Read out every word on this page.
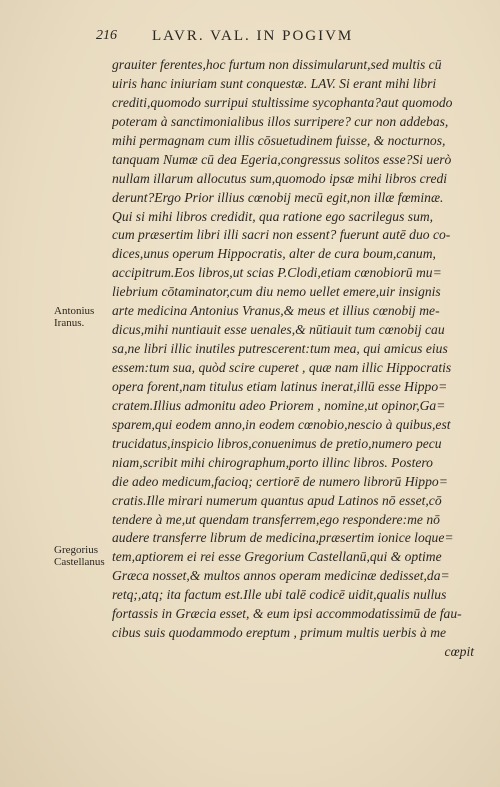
216 LAVR. VAL. IN POGIVM
Antonius
Iranus.
Gregorius
Castellanus
grauiter ferentes,hoc furtum non dissimularunt,sed multis cū
uiris hanc iniuriam sunt conquestæ. LAV. Si erant mihi libri
crediti,quomodo surripui stultissime sycophanta?aut quomodo
poteram à sanctimonialibus illos surripere? cur non addebas,
mihi permagnam cum illis cōsuetudinem fuisse, & nocturnos,
tanquam Numæ cū dea Egeria,congressus solitos esse?Si uerò
nullam illarum allocutus sum,quomodo ipsæ mihi libros credi
derunt?Ergo Prior illius cœnobij mecū egit,non illæ fœminæ.
Qui si mihi libros credidit, qua ratione ego sacrilegus sum,
cum præsertim libri illi sacri non essent? fuerunt autē duo co-
dices,unus operum Hippocratis, alter de cura boum,canum,
accipitrum.Eos libros,ut scias P.Clodi,etiam cœnobiorū mu=
liebrium cōtaminator,cum diu nemo uellet emere,uir insignis
arte medicina Antonius Vranus,& meus et illius cœnobij me-
dicus,mihi nuntiauit esse uenales,& nūtiauit tum cœnobij cau
sa,ne libri illic inutiles putrescerent:tum mea, qui amicus eius
essem:tum sua, quòd scire cuperet , quæ nam illic Hippocratis
opera forent,nam titulus etiam latinus inerat,illū esse Hippo=
cratem.Illius admonitu adeo Priorem , nomine,ut opinor,Ga=
sparem,qui eodem anno,in eodem cœnobio,nescio à quibus,est
trucidatus,inspicio libros,conuenimus de pretio,numero pecu
niam,scribit mihi chirographum,porto illinc libros. Postero
die adeo medicum,facioq; certiorē de numero librorū Hippo=
cratis.Ille mirari numerum quantus apud Latinos nō esset,cō
tendere à me,ut quendam transferrem,ego respondere:me nō
audere transferre librum de medicina,præsertim ionice loque=
tem,aptiorem ei rei esse Gregorium Castellanū,qui & optime
Græca nosset,& multos annos operam medicinæ dedisset,da=
retq;,atq; ita factum est.Ille ubi talē codicē uidit,qualis nullus
fortassis in Græcia esset, & eum ipsi accommodatissimū de fau-
cibus suis quodammodo ereptum , primum multis uerbis à me
cœpit
